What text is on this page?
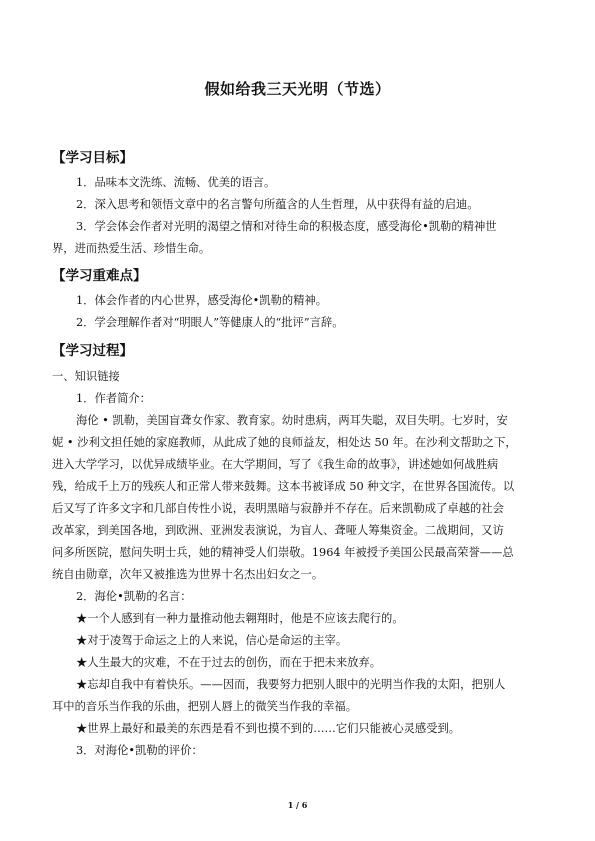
假如给我三天光明（节选）
【学习目标】
1．品味本文洗练、流畅、优美的语言。
2．深入思考和领悟文章中的名言警句所蕴含的人生哲理，从中获得有益的启迪。
3．学会体会作者对光明的渴望之情和对待生命的积极态度，感受海伦•凯勒的精神世
界，进而热爱生活、珍惜生命。
【学习重难点】
1．体会作者的内心世界，感受海伦•凯勒的精神。
2．学会理解作者对“明眼人”等健康人的“批评”言辞。
【学习过程】
一、知识链接
1．作者简介：
海伦 • 凯勒，美国盲聋女作家、教育家。幼时患病，两耳失聪，双目失明。七岁时，安
妮 • 沙利文担任她的家庭教师，从此成了她的良师益友，相处达 50 年。在沙利文帮助之下，
进入大学学习，以优异成绩毕业。在大学期间，写了《我生命的故事》，讲述她如何战胜病
残，给成千上万的残疾人和正常人带来鼓舞。这本书被译成 50 种文字，在世界各国流传。以
后又写了许多文字和几部自传性小说，表明黑暗与寂静并不存在。后来凯勒成了卓越的社会
改革家，到美国各地，到欧洲、亚洲发表演说，为盲人、聋哑人筹集资金。二战期间，又访
问多所医院，慰问失明士兵，她的精神受人们崇敬。1964 年被授予美国公民最高荣誉——总
统自由勋章，次年又被推选为世界十名杰出妇女之一。
2．海伦•凯勒的名言：
★一个人感到有一种力量推动他去翱翔时，他是不应该去爬行的。
★对于凌驾于命运之上的人来说，信心是命运的主宰。
★人生最大的灾难，不在于过去的创伤，而在于把未来放弃。
★忘却自我中有着快乐。——因而，我要努力把别人眼中的光明当作我的太阳，把别人
耳中的音乐当作我的乐曲，把别人唇上的微笑当作我的幸福。
★世界上最好和最美的东西是看不到也摸不到的……它们只能被心灵感受到。
3．对海伦•凯勒的评价：
1 / 6
